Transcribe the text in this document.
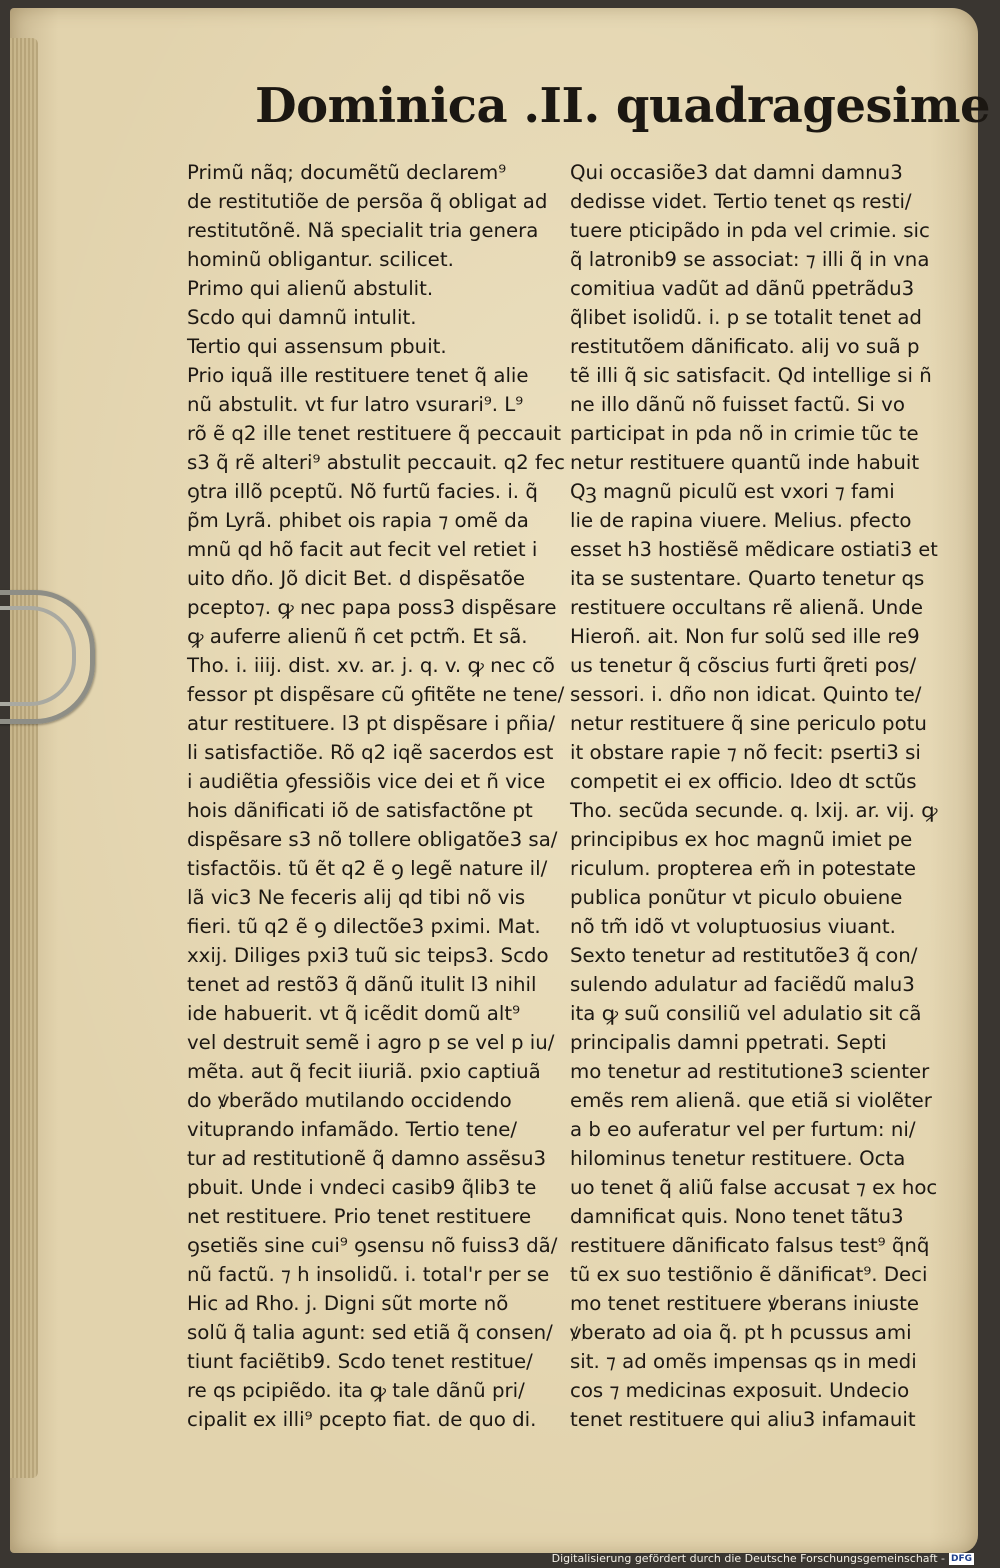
Dominica .II. quadragesime
Primũ nãq; documẽtũ declarem⁹
de restitutiõe de persõa q̃ obligat ad
restitutõnẽ. Nã specialit tria genera
hominũ obligantur. scilicet.
Primo qui alienũ abstulit.
Scdo qui damnũ intulit.
Tertio qui assensum pbuit.
Prio iquã ille restituere tenet q̃ alie
nũ abstulit. vt fur latro vsurari⁹. L⁹
rõ ẽ q2 ille tenet restituere q̃ peccauit
s3 q̃ rẽ alteri⁹ abstulit peccauit. q2 fec
ꝯtra illõ pceptũ. Nõ furtũ facies. i. q̃
p̃m Lyrã. phibet ois rapia ⁊ omẽ da
mnũ qd hõ facit aut fecit vel retiet i
uito dño. Jõ dicit Bet. d dispẽsatõe
pcepto⁊. ꝙ nec papa poss3 dispẽsare
ꝙ auferre alienũ ñ cet pctm̃. Et sã.
Tho. i. iiij. dist. xv. ar. j. q. v. ꝙ nec cõ
fessor pt dispẽsare cũ ꝯfitẽte ne tene/
atur restituere. l3 pt dispẽsare i pñia/
li satisfactiõe. Rõ q2 iqẽ sacerdos est
i audiẽtia ꝯfessiõis vice dei et ñ vice
hois dãnificati iõ de satisfactõne pt
dispẽsare s3 nõ tollere obligatõe3 sa/
tisfactõis. tũ ẽt q2 ẽ ꝯ legẽ nature il/
lã vic3 Ne feceris alij qd tibi nõ vis
fieri. tũ q2 ẽ ꝯ dilectõe3 pximi. Mat.
xxij. Diliges pxi3 tuũ sic teips3. Scdo
tenet ad restõ3 q̃ dãnũ itulit l3 nihil
ide habuerit. vt q̃ icẽdit domũ alt⁹
vel destruit semẽ i agro p se vel p iu/
mẽta. aut q̃ fecit iiuriã. pxio captiuã
do ꝟberãdo mutilando occidendo
vituprando infamãdo. Tertio tene/
tur ad restitutionẽ q̃ damno assẽsu3
pbuit. Unde i vndeci casib9 q̃lib3 te
net restituere. Prio tenet restituere
ꝯsetiẽs sine cui⁹ ꝯsensu nõ fuiss3 dã/
nũ factũ. ⁊ h insolidũ. i. total'r per se
Hic ad Rho. j. Digni sũt morte nõ
solũ q̃ talia agunt: sed etiã q̃ consen/
tiunt faciẽtib9. Scdo tenet restitue/
re qs pcipiẽdo. ita ꝙ tale dãnũ pri/
cipalit ex illi⁹ pcepto fiat. de quo di.
Qui occasiõe3 dat damni damnu3
dedisse videt. Tertio tenet qs resti/
tuere pticipãdo in pda vel crimie. sic
q̃ latronib9 se associat: ⁊ illi q̃ in vna
comitiua vadũt ad dãnũ ppetrãdu3
q̃libet isolidũ. i. p se totalit tenet ad
restitutõem dãnificato. alij vo suã p
tẽ illi q̃ sic satisfacit. Qd intellige si ñ
ne illo dãnũ nõ fuisset factũ. Si vo
participat in pda nõ in crimie tũc te
netur restituere quantũ inde habuit
Qꝫ magnũ piculũ est vxori ⁊ fami
lie de rapina viuere. Melius. pfecto
esset h3 hostiẽsẽ mẽdicare ostiati3 et
ita se sustentare. Quarto tenetur qs
restituere occultans rẽ alienã. Unde
Hieroñ. ait. Non fur solũ sed ille re9
us tenetur q̃ cõscius furti q̃reti pos/
sessori. i. dño non idicat. Quinto te/
netur restituere q̃ sine periculo potu
it obstare rapie ⁊ nõ fecit: pserti3 si
competit ei ex officio. Ideo dt sctũs
Tho. secũda secunde. q. lxij. ar. vij. ꝙ
principibus ex hoc magnũ imiet pe
riculum. propterea em̃ in potestate
publica ponũtur vt piculo obuiene
nõ tm̃ idõ vt voluptuosius viuant.
Sexto tenetur ad restitutõe3 q̃ con/
sulendo adulatur ad faciẽdũ malu3
ita ꝙ suũ consiliũ vel adulatio sit cã
principalis damni ppetrati. Septi
mo tenetur ad restitutione3 scienter
emẽs rem alienã. que etiã si violẽter
a b eo auferatur vel per furtum: ni/
hilominus tenetur restituere. Octa
uo tenet q̃ aliũ false accusat ⁊ ex hoc
damnificat quis. Nono tenet tãtu3
restituere dãnificato falsus test⁹ q̃nq̃
tũ ex suo testiõnio ẽ dãnificat⁹. Deci
mo tenet restituere ꝟberans iniuste
ꝟberato ad oia q̃. pt h pcussus ami
sit. ⁊ ad omẽs impensas qs in medi
cos ⁊ medicinas exposuit. Undecio
tenet restituere qui aliu3 infamauit
Digitalisierung gefördert durch die Deutsche Forschungsgemeinschaft - DFG
